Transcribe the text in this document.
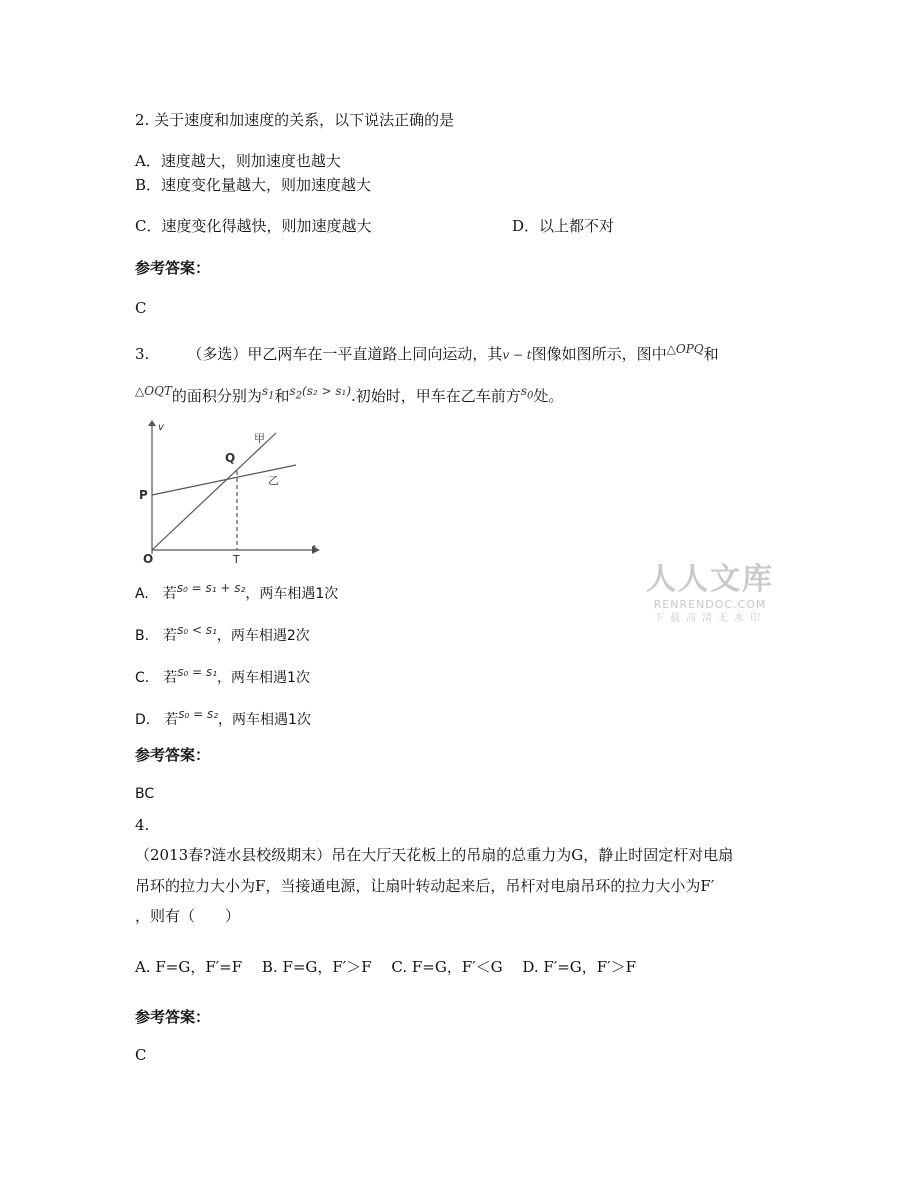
2. 关于速度和加速度的关系，以下说法正确的是
A．速度越大，则加速度也越大
B．速度变化量越大，则加速度越大
C．速度变化得越快，则加速度越大	D．以上都不对
参考答案：
C
3.	（多选）甲乙两车在一平直道路上同向运动，其v − t图像如图所示，图中$^{\triangle OPQ}$和
$^{\triangle OQT}$的面积分别为$^{s_1}$和$^{s_2(s_2 > s_1)}$.初始时，甲车在乙车前方$^{s_0}$处。
v
甲
Q
乙
P
O	T
t
A.　若s₀ = s₁ + s₂，两车相遇1次
B.　若s₀ < s₁，两车相遇2次
C.　若s₀ = s₁，两车相遇1次
D.　若s₀ = s₂，两车相遇1次
参考答案：
BC
4.
（2013春?涟水县校级期末）吊在大厅天花板上的吊扇的总重力为G，静止时固定杆对电扇
吊环的拉力大小为F，当接通电源，让扇叶转动起来后，吊杆对电扇吊环的拉力大小为F′
，则有（　　）
A. F=G，F′=F　 B. F=G，F′＞F　 C. F=G，F′＜G　 D. F′=G，F′＞F
参考答案：
C
人人文库
RENRENDOC.COM
下载高清无水印
